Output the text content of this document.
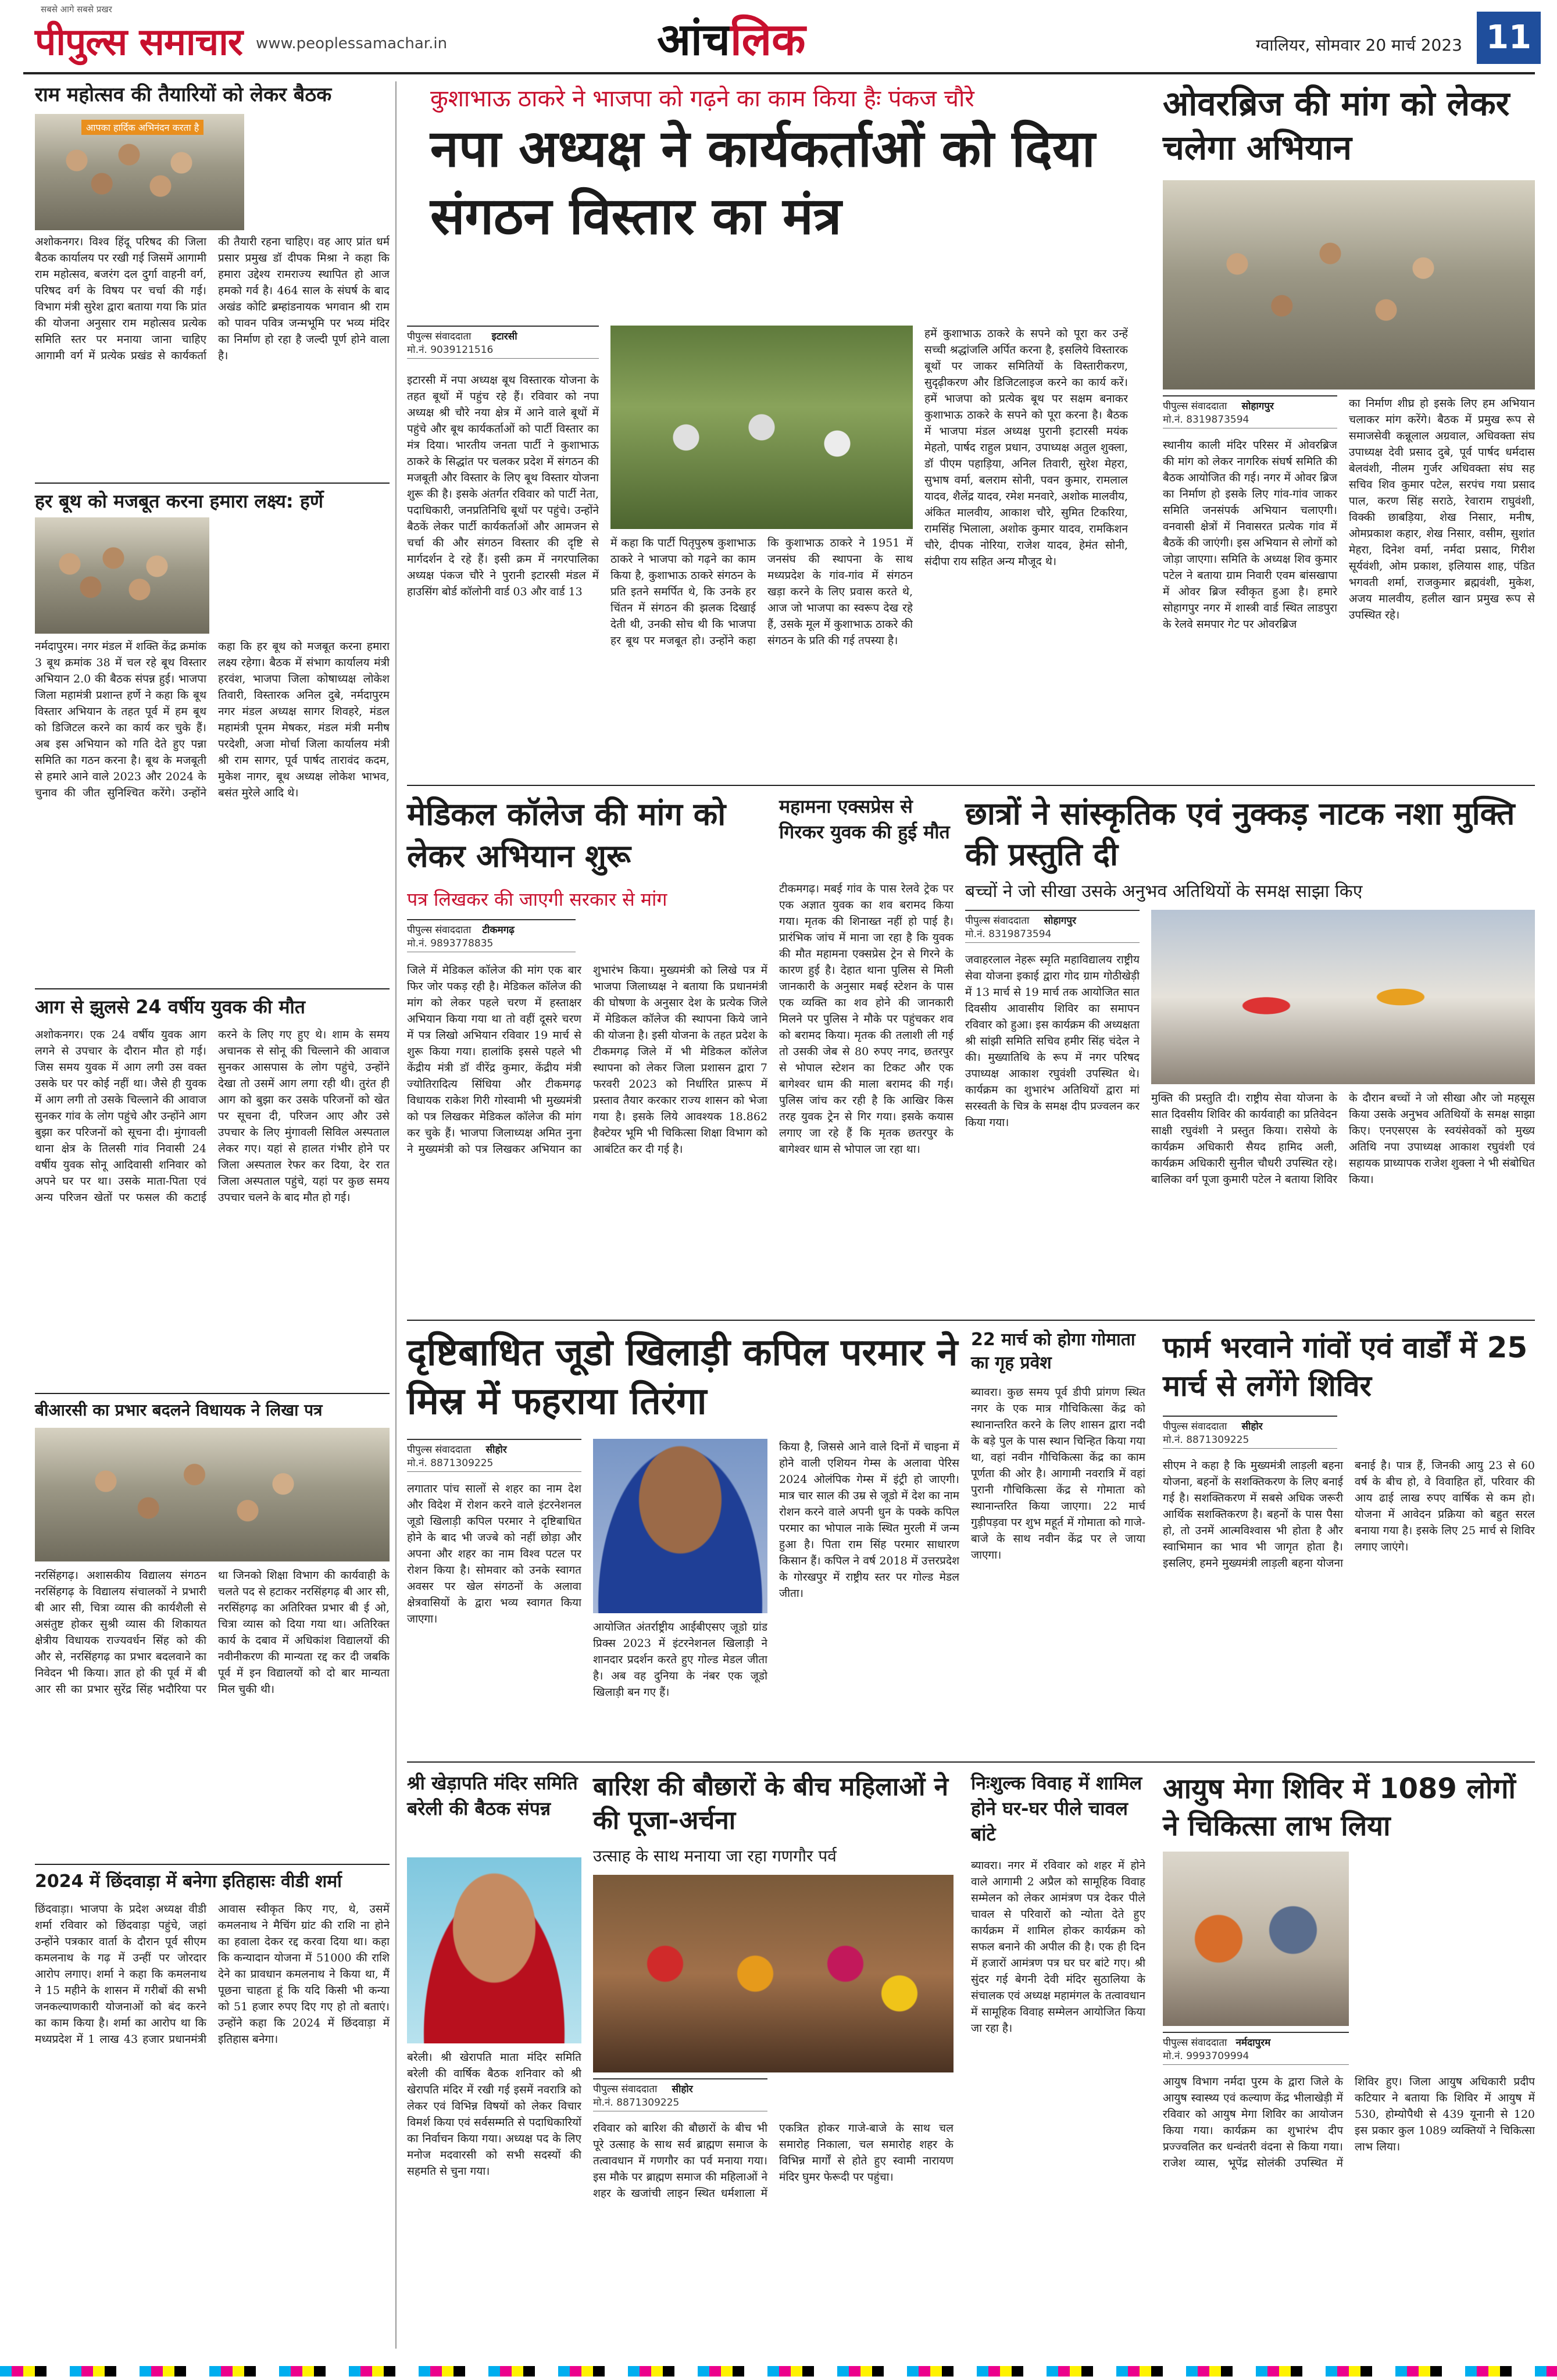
सबसे आगे सबसे प्रखर
पीपुल्स समाचार www.peoplessamachar.in	आंचलिक	ग्वालियर, सोमवार 20 मार्च 2023 11
राम महोत्सव की तैयारियों को लेकर बैठक
आपका हार्दिक अभिनंदन करता है
अशोकनगर। विश्व हिंदू परिषद की जिला बैठक कार्यालय पर रखी गई जिसमें आगामी राम महोत्सव, बजरंग दल दुर्गा वाहनी वर्ग, परिषद वर्ग के विषय पर चर्चा की गई। विभाग मंत्री सुरेश द्वारा बताया गया कि प्रांत की योजना अनुसार राम महोत्सव प्रत्येक समिति स्तर पर मनाया जाना चाहिए आगामी वर्ग में प्रत्येक प्रखंड से कार्यकर्ता की तैयारी रहना चाहिए। वह आए प्रांत धर्म प्रसार प्रमुख डॉ दीपक मिश्रा ने कहा कि हमारा उद्देश्य रामराज्य स्थापित हो आज हमको गर्व है। 464 साल के संघर्ष के बाद अखंड कोटि ब्रम्हांडनायक भगवान श्री राम को पावन पवित्र जन्मभूमि पर भव्य मंदिर का निर्माण हो रहा है जल्दी पूर्ण होने वाला है।
हर बूथ को मजबूत करना हमारा लक्ष्य: हर्णे
नर्मदापुरम। नगर मंडल में शक्ति केंद्र क्रमांक 3 बूथ क्रमांक 38 में चल रहे बूथ विस्तार अभियान 2.0 की बैठक संपन्न हुई। भाजपा जिला महामंत्री प्रशान्त हर्णे ने कहा कि बूथ विस्तार अभियान के तहत पूर्व में हम बूथ को डिजिटल करने का कार्य कर चुके हैं। अब इस अभियान को गति देते हुए पन्ना समिति का गठन करना है। बूथ के मजबूती से हमारे आने वाले 2023 और 2024 के चुनाव की जीत सुनिश्चित करेंगे। उन्होंने कहा कि हर बूथ को मजबूत करना हमारा लक्ष्य रहेगा। बैठक में संभाग कार्यालय मंत्री हरवंश, भाजपा जिला कोषाध्यक्ष लोकेश तिवारी, विस्तारक अनिल दुबे, नर्मदापुरम नगर मंडल अध्यक्ष सागर शिवहरे, मंडल महामंत्री पूनम मेषकर, मंडल मंत्री मनीष परदेशी, अजा मोर्चा जिला कार्यालय मंत्री श्री राम सागर, पूर्व पार्षद तारावंद कदम, मुकेश नागर, बूथ अध्यक्ष लोकेश भाभव, बसंत मुरेले आदि थे।
आग से झुलसे 24 वर्षीय युवक की मौत
अशोकनगर। एक 24 वर्षीय युवक आग लगने से उपचार के दौरान मौत हो गई। जिस समय युवक में आग लगी उस वक्त उसके घर पर कोई नहीं था। जैसे ही युवक में आग लगी तो उसके चिल्लाने की आवाज सुनकर गांव के लोग पहुंचे और उन्होंने आग बुझा कर परिजनों को सूचना दी। मुंगावली थाना क्षेत्र के तिलसी गांव निवासी 24 वर्षीय युवक सोनू आदिवासी शनिवार को अपने घर पर था। उसके माता-पिता एवं अन्य परिजन खेतों पर फसल की कटाई करने के लिए गए हुए थे। शाम के समय अचानक से सोनू की चिल्लाने की आवाज सुनकर आसपास के लोग पहुंचे, उन्होंने देखा तो उसमें आग लगा रही थी। तुरंत ही आग को बुझा कर उसके परिजनों को खेत पर सूचना दी, परिजन आए और उसे उपचार के लिए मुंगावली सिविल अस्पताल लेकर गए। यहां से हालत गंभीर होने पर जिला अस्पताल रेफर कर दिया, देर रात जिला अस्पताल पहुंचे, यहां पर कुछ समय उपचार चलने के बाद मौत हो गई।
बीआरसी का प्रभार बदलने विधायक ने लिखा पत्र
नरसिंहगढ़। अशासकीय विद्यालय संगठन नरसिंहगढ़ के विद्यालय संचालकों ने प्रभारी बी आर सी, चित्रा व्यास की कार्यशैली से असंतुष्ट होकर सुश्री व्यास की शिकायत क्षेत्रीय विधायक राज्यवर्धन सिंह को की और से, नरसिंहगढ़ का प्रभार बदलवाने का निवेदन भी किया। ज्ञात हो की पूर्व में बी आर सी का प्रभार सुरेंद्र सिंह भदौरिया पर था जिनको शिक्षा विभाग की कार्यवाही के चलते पद से हटाकर नरसिंहगढ़ बी आर सी, नरसिंहगढ़ का अतिरिक्त प्रभार बी ई ओ, चित्रा व्यास को दिया गया था। अतिरिक्त कार्य के दबाव में अधिकांश विद्यालयों की नवीनीकरण की मान्यता रद्द कर दी जबकि पूर्व में इन विद्यालयों को दो बार मान्यता मिल चुकी थी।
2024 में छिंदवाड़ा में बनेगा इतिहासः वीडी शर्मा
छिंदवाड़ा। भाजपा के प्रदेश अध्यक्ष वीडी शर्मा रविवार को छिंदवाड़ा पहुंचे, जहां उन्होंने पत्रकार वार्ता के दौरान पूर्व सीएम कमलनाथ के गढ़ में उन्हीं पर जोरदार आरोप लगाए। शर्मा ने कहा कि कमलनाथ ने 15 महीने के शासन में गरीबों की सभी जनकल्याणकारी योजनाओं को बंद करने का काम किया है। शर्मा का आरोप था कि मध्यप्रदेश में 1 लाख 43 हजार प्रधानमंत्री आवास स्वीकृत किए गए, थे, उसमें कमलनाथ ने मैचिंग ग्रांट की राशि ना होने का हवाला देकर रद्द करवा दिया था। कहा कि कन्यादान योजना में 51000 की राशि देने का प्रावधान कमलनाथ ने किया था, मैं पूछना चाहता हूं कि यदि किसी भी कन्या को 51 हजार रुपए दिए गए हो तो बताएं। उन्होंने कहा कि 2024 में छिंदवाड़ा में इतिहास बनेगा।
कुशाभाऊ ठाकरे ने भाजपा को गढ़ने का काम किया हैः पंकज चौरे
नपा अध्यक्ष ने कार्यकर्ताओं को दिया संगठन विस्तार का मंत्र
पीपुल्स संवाददाता इटारसी
मो.नं. 9039121516
इटारसी में नपा अध्यक्ष बूथ विस्तारक योजना के तहत बूथों में पहुंच रहे हैं। रविवार को नपा अध्यक्ष श्री चौरे नया क्षेत्र में आने वाले बूथों में पहुंचे और बूथ कार्यकर्ताओं को पार्टी विस्तार का मंत्र दिया। भारतीय जनता पार्टी ने कुशाभाऊ ठाकरे के सिद्धांत पर चलकर प्रदेश में संगठन की मजबूती और विस्तार के लिए बूथ विस्तार योजना शुरू की है। इसके अंतर्गत रविवार को पार्टी नेता, पदाधिकारी, जनप्रतिनिधि बूथों पर पहुंचे। उन्होंने बैठकें लेकर पार्टी कार्यकर्ताओं और आमजन से चर्चा की और संगठन विस्तार की दृष्टि से मार्गदर्शन दे रहे हैं। इसी क्रम में नगरपालिका अध्यक्ष पंकज चौरे ने पुरानी इटारसी मंडल में हाउसिंग बोर्ड कॉलोनी वार्ड 03 और वार्ड 13
में कहा कि पार्टी पितृपुरुष कुशाभाऊ ठाकरे ने भाजपा को गढ़ने का काम किया है, कुशाभाऊ ठाकरे संगठन के प्रति इतने समर्पित थे, कि उनके हर चिंतन में संगठन की झलक दिखाई देती थी, उनकी सोच थी कि भाजपा हर बूथ पर मजबूत हो। उन्होंने कहा कि कुशाभाऊ ठाकरे ने 1951 में जनसंघ की स्थापना के साथ मध्यप्रदेश के गांव-गांव में संगठन खड़ा करने के लिए प्रवास करते थे, आज जो भाजपा का स्वरूप देख रहे हैं, उसके मूल में कुशाभाऊ ठाकरे की संगठन के प्रति की गई तपस्या है।
हमें कुशाभाऊ ठाकरे के सपने को पूरा कर उन्हें सच्ची श्रद्धांजलि अर्पित करना है, इसलिये विस्तारक बूथों पर जाकर समितियों के विस्तारीकरण, सुदृढ़ीकरण और डिजिटलाइज करने का कार्य करें। हमें भाजपा को प्रत्येक बूथ पर सक्षम बनाकर कुशाभाऊ ठाकरे के सपने को पूरा करना है। बैठक में भाजपा मंडल अध्यक्ष पुरानी इटारसी मयंक मेहतो, पार्षद राहुल प्रधान, उपाध्यक्ष अतुल शुक्ला, डॉ पीएम पहाड़िया, अनिल तिवारी, सुरेश मेहरा, सुभाष वर्मा, बलराम सोनी, पवन कुमार, रामलाल यादव, शैलेंद्र यादव, रमेश मनवारे, अशोक मालवीय, अंकित मालवीय, आकाश चौरे, सुमित टिकरिया, रामसिंह भिलाला, अशोक कुमार यादव, रामकिशन चौरे, दीपक नोरिया, राजेश यादव, हेमंत सोनी, संदीपा राय सहित अन्य मौजूद थे।
ओवरब्रिज की मांग को लेकर चलेगा अभियान
पीपुल्स संवाददाता सोहागपुर
मो.नं. 8319873594
स्थानीय काली मंदिर परिसर में ओवरब्रिज की मांग को लेकर नागरिक संघर्ष समिति की बैठक आयोजित की गई। नगर में ओवर ब्रिज का निर्माण हो इसके लिए गांव-गांव जाकर समिति जनसंपर्क अभियान चलाएगी। वनवासी क्षेत्रों में निवासरत प्रत्येक गांव में बैठकें की जाएंगी। इस अभियान से लोगों को जोड़ा जाएगा। समिति के अध्यक्ष शिव कुमार पटेल ने बताया ग्राम निवारी एवम बांसखापा में ओवर ब्रिज स्वीकृत हुआ है। हमारे सोहागपुर नगर में शास्त्री वार्ड स्थित लाडपुरा के रेलवे समपार गेट पर ओवरब्रिज
का निर्माण शीघ्र हो इसके लिए हम अभियान चलाकर मांग करेंगे। बैठक में प्रमुख रूप से समाजसेवी कन्नूलाल अग्रवाल, अधिवक्ता संघ उपाध्यक्ष देवी प्रसाद दुबे, पूर्व पार्षद धर्मदास बेलवंशी, नीलम गुर्जर अधिवक्ता संघ सह सचिव शिव कुमार पटेल, सरपंच गया प्रसाद पाल, करण सिंह सराठे, रेवाराम राघुवंशी, विक्की छाबड़िया, शेख निसार, मनीष, ओमप्रकाश कहार, शेख निसार, वसीम, सुशांत मेहरा, दिनेश वर्मा, नर्मदा प्रसाद, गिरीश सूर्यवंशी, ओम प्रकाश, इलियास शाह, पंडित भगवती शर्मा, राजकुमार ब्रह्मवंशी, मुकेश, अजय मालवीय, हलील खान प्रमुख रूप से उपस्थित रहे।
मेडिकल कॉलेज की मांग को लेकर अभियान शुरू
पत्र लिखकर की जाएगी सरकार से मांग
पीपुल्स संवाददाता टीकमगढ़
मो.नं. 9893778835
जिले में मेडिकल कॉलेज की मांग एक बार फिर जोर पकड़ रही है। मेडिकल कॉलेज की मांग को लेकर पहले चरण में हस्ताक्षर अभियान किया गया था तो वहीं दूसरे चरण में पत्र लिखो अभियान रविवार 19 मार्च से शुरू किया गया। हालांकि इससे पहले भी केंद्रीय मंत्री डॉ वीरेंद्र कुमार, केंद्रीय मंत्री ज्योतिरादित्य सिंधिया और टीकमगढ़ विधायक राकेश गिरी गोस्वामी भी मुख्यमंत्री को पत्र लिखकर मेडिकल कॉलेज की मांग कर चुके हैं। भाजपा जिलाध्यक्ष अमित नुना ने मुख्यमंत्री को पत्र लिखकर अभियान का शुभारंभ किया। मुख्यमंत्री को लिखे पत्र में भाजपा जिलाध्यक्ष ने बताया कि प्रधानमंत्री की घोषणा के अनुसार देश के प्रत्येक जिले में मेडिकल कॉलेज की स्थापना किये जाने की योजना है। इसी योजना के तहत प्रदेश के टीकमगढ़ जिले में भी मेडिकल कॉलेज स्थापना को लेकर जिला प्रशासन द्वारा 7 फरवरी 2023 को निर्धारित प्रारूप में प्रस्ताव तैयार करकार राज्य शासन को भेजा गया है। इसके लिये आवश्यक 18.862 हैक्टेयर भूमि भी चिकित्सा शिक्षा विभाग को आबंटित कर दी गई है।
महामना एक्सप्रेस से गिरकर युवक की हुई मौत
टीकमगढ़। मबई गांव के पास रेलवे ट्रेक पर एक अज्ञात युवक का शव बरामद किया गया। मृतक की शिनाख्त नहीं हो पाई है। प्रारंभिक जांच में माना जा रहा है कि युवक की मौत महामना एक्सप्रेस ट्रेन से गिरने के कारण हुई है। देहात थाना पुलिस से मिली जानकारी के अनुसार मबई स्टेशन के पास एक व्यक्ति का शव होने की जानकारी मिलने पर पुलिस ने मौके पर पहुंचकर शव को बरामद किया। मृतक की तलाशी ली गई तो उसकी जेब से 80 रुपए नगद, छतरपुर से भोपाल स्टेशन का टिकट और एक बागेश्वर धाम की माला बरामद की गई। पुलिस जांच कर रही है कि आखिर किस तरह युवक ट्रेन से गिर गया। इसके कयास लगाए जा रहे हैं कि मृतक छतरपुर के बागेश्वर धाम से भोपाल जा रहा था।
छात्रों ने सांस्कृतिक एवं नुक्कड़ नाटक नशा मुक्ति की प्रस्तुति दी
बच्चों ने जो सीखा उसके अनुभव अतिथियों के समक्ष साझा किए
पीपुल्स संवाददाता सोहागपुर
मो.नं. 8319873594
जवाहरलाल नेहरू स्मृति महाविद्यालय राष्ट्रीय सेवा योजना इकाई द्वारा गोद ग्राम गोठीखेड़ी में 13 मार्च से 19 मार्च तक आयोजित सात दिवसीय आवासीय शिविर का समापन रविवार को हुआ। इस कार्यक्रम की अध्यक्षता श्री सांझी समिति सचिव हमीर सिंह चंदेल ने की। मुख्यातिथि के रूप में नगर परिषद उपाध्यक्ष आकाश रघुवंशी उपस्थित थे। कार्यक्रम का शुभारंभ अतिथियों द्वारा मां सरस्वती के चित्र के समक्ष दीप प्रज्वलन कर किया गया।
मुक्ति की प्रस्तुति दी। राष्ट्रीय सेवा योजना के सात दिवसीय शिविर की कार्यवाही का प्रतिवेदन साक्षी रघुवंशी ने प्रस्तुत किया। रासेयो के कार्यक्रम अधिकारी सैयद हामिद अली, कार्यक्रम अधिकारी सुनील चौधरी उपस्थित रहे। बालिका वर्ग पूजा कुमारी पटेल ने बताया शिविर के दौरान बच्चों ने जो सीखा और जो महसूस किया उसके अनुभव अतिथियों के समक्ष साझा किए। एनएसएस के स्वयंसेवकों को मुख्य अतिथि नपा उपाध्यक्ष आकाश रघुवंशी एवं सहायक प्राध्यापक राजेश शुक्ला ने भी संबोधित किया।
दृष्टिबाधित जूडो खिलाड़ी कपिल परमार ने मिस्र में फहराया तिरंगा
पीपुल्स संवाददाता सीहोर
मो.नं. 8871309225
लगातार पांच सालों से शहर का नाम देश और विदेश में रोशन करने वाले इंटरनेशनल जूडो खिलाड़ी कपिल परमार ने दृष्टिबाधित होने के बाद भी जज्बे को नहीं छोड़ा और अपना और शहर का नाम विश्व पटल पर रोशन किया है। सोमवार को उनके स्वागत अवसर पर खेल संगठनों के अलावा क्षेत्रवासियों के द्वारा भव्य स्वागत किया जाएगा।
आयोजित अंतर्राष्ट्रीय आईबीएसए जूडो ग्रांड प्रिक्स 2023 में इंटरनेशनल खिलाड़ी ने शानदार प्रदर्शन करते हुए गोल्ड मेडल जीता है। अब वह दुनिया के नंबर एक जूडो खिलाड़ी बन गए हैं।
किया है, जिससे आने वाले दिनों में चाइना में होने वाली एशियन गेम्स के अलावा पेरिस 2024 ओलंपिक गेम्स में इंट्री हो जाएगी। मात्र चार साल की उम्र से जूडो में देश का नाम रोशन करने वाले अपनी धुन के पक्के कपिल परमार का भोपाल नाके स्थित मुरली में जन्म हुआ है। पिता राम सिंह परमार साधारण किसान हैं। कपिल ने वर्ष 2018 में उत्तरप्रदेश के गोरखपुर में राष्ट्रीय स्तर पर गोल्ड मेडल जीता।
22 मार्च को होगा गोमाता का गृह प्रवेश
ब्यावरा। कुछ समय पूर्व डीपी प्रांगण स्थित नगर के एक मात्र गौचिकित्सा केंद्र को स्थानान्तरित करने के लिए शासन द्वारा नदी के बड़े पुल के पास स्थान चिन्हित किया गया था, वहां नवीन गौचिकित्सा केंद्र का काम पूर्णता की ओर है। आगामी नवरात्रि में वहां पुरानी गौचिकित्सा केंद्र से गोमाता को स्थानान्तरित किया जाएगा। 22 मार्च गुड़ीपड़वा पर शुभ महूर्त में गोमाता को गाजे-बाजे के साथ नवीन केंद्र पर ले जाया जाएगा।
फार्म भरवाने गांवों एवं वार्डों में 25 मार्च से लगेंगे शिविर
पीपुल्स संवाददाता सीहोर
मो.नं. 8871309225
सीएम ने कहा है कि मुख्यमंत्री लाड़ली बहना योजना, बहनों के सशक्तिकरण के लिए बनाई गई है। सशक्तिकरण में सबसे अधिक जरूरी आर्थिक सशक्तिकरण है। बहनों के पास पैसा हो, तो उनमें आत्मविश्वास भी होता है और स्वाभिमान का भाव भी जागृत होता है। इसलिए, हमने मुख्यमंत्री लाड़ली बहना योजना बनाई है। पात्र हैं, जिनकी आयु 23 से 60 वर्ष के बीच हो, वे विवाहित हों, परिवार की आय ढाई लाख रुपए वार्षिक से कम हो। योजना में आवेदन प्रक्रिया को बहुत सरल बनाया गया है। इसके लिए 25 मार्च से शिविर लगाए जाएंगे।
श्री खेड़ापति मंदिर समिति बरेली की बैठक संपन्न
बरेली। श्री खेरापति माता मंदिर समिति बरेली की वार्षिक बैठक शनिवार को श्री खेरापति मंदिर में रखी गई इसमें नवरात्रि को लेकर एवं विभिन्न विषयों को लेकर विचार विमर्श किया एवं सर्वसम्मति से पदाधिकारियों का निर्वाचन किया गया। अध्यक्ष पद के लिए मनोज मदवारसी को सभी सदस्यों की सहमति से चुना गया।
बारिश की बौछारों के बीच महिलाओं ने की पूजा-अर्चना
उत्साह के साथ मनाया जा रहा गणगौर पर्व
पीपुल्स संवाददाता सीहोर
मो.नं. 8871309225
रविवार को बारिश की बौछारों के बीच भी पूरे उत्साह के साथ सर्व ब्राह्मण समाज के तत्वावधान में गणगौर का पर्व मनाया गया। इस मौके पर ब्राह्मण समाज की महिलाओं ने शहर के खजांची लाइन स्थित धर्मशाला में एकत्रित होकर गाजे-बाजे के साथ चल समारोह निकाला, चल समारोह शहर के विभिन्न मार्गों से होते हुए स्वामी नारायण मंदिर घुमर फेरूदी पर पहुंचा।
निःशुल्क विवाह में शामिल होने घर-घर पीले चावल बांटे
ब्यावरा। नगर में रविवार को शहर में होने वाले आगामी 2 अप्रैल को सामूहिक विवाह सम्मेलन को लेकर आमंत्रण पत्र देकर पीले चावल से परिवारों को न्योता देते हुए कार्यक्रम में शामिल होकर कार्यक्रम को सफल बनाने की अपील की है। एक ही दिन में हजारों आमंत्रण पत्र घर घर बांटे गए। श्री सुंदर गई बेगनी देवी मंदिर सुठालिया के संचालक एवं अध्यक्ष महामंगल के तत्वावधान में सामूहिक विवाह सम्मेलन आयोजित किया जा रहा है।
आयुष मेगा शिविर में 1089 लोगों ने चिकित्सा लाभ लिया
पीपुल्स संवाददाता नर्मदापुरम
मो.नं. 9993709994
आयुष विभाग नर्मदा पुरम के द्वारा जिले के आयुष स्वास्थ्य एवं कल्याण केंद्र भीलाखेड़ी में रविवार को आयुष मेगा शिविर का आयोजन किया गया। कार्यक्रम का शुभारंभ दीप प्रज्ज्वलित कर धन्वंतरी वंदना से किया गया। राजेश व्यास, भूपेंद्र सोलंकी उपस्थित में शिविर हुए। जिला आयुष अधिकारी प्रदीप कटियार ने बताया कि शिविर में आयुष में 530, होम्योपैथी से 439 यूनानी से 120 इस प्रकार कुल 1089 व्यक्तियों ने चिकित्सा लाभ लिया।
